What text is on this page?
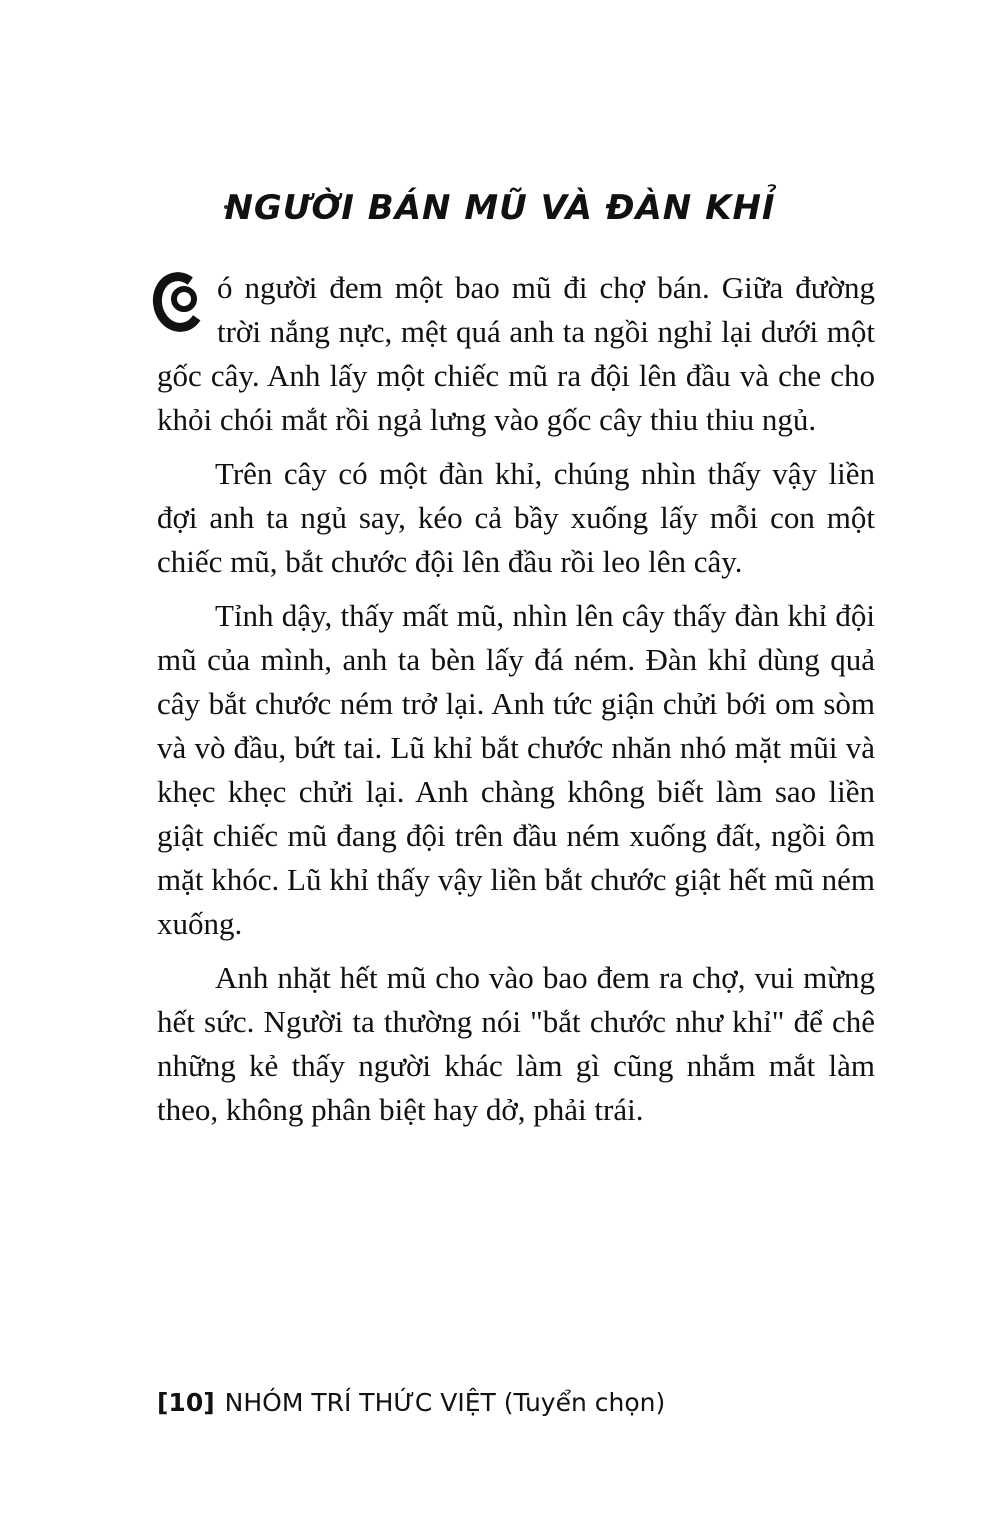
NGƯỜI BÁN MŨ VÀ ĐÀN KHỈ

ó người đem một bao mũ đi chợ bán. Giữa đường trời nắng nực, mệt quá anh ta ngồi nghỉ lại dưới một gốc cây. Anh lấy một chiếc mũ ra đội lên đầu và che cho khỏi chói mắt rồi ngả lưng vào gốc cây thiu thiu ngủ.

Trên cây có một đàn khỉ, chúng nhìn thấy vậy liền đợi anh ta ngủ say, kéo cả bầy xuống lấy mỗi con một chiếc mũ, bắt chước đội lên đầu rồi leo lên cây.

Tỉnh dậy, thấy mất mũ, nhìn lên cây thấy đàn khỉ đội mũ của mình, anh ta bèn lấy đá ném. Đàn khỉ dùng quả cây bắt chước ném trở lại. Anh tức giận chửi bới om sòm và vò đầu, bứt tai. Lũ khỉ bắt chước nhăn nhó mặt mũi và khẹc khẹc chửi lại. Anh chàng không biết làm sao liền giật chiếc mũ đang đội trên đầu ném xuống đất, ngồi ôm mặt khóc. Lũ khỉ thấy vậy liền bắt chước giật hết mũ ném xuống.

Anh nhặt hết mũ cho vào bao đem ra chợ, vui mừng hết sức. Người ta thường nói "bắt chước như khỉ" để chê những kẻ thấy người khác làm gì cũng nhắm mắt làm theo, không phân biệt hay dở, phải trái.

[10] NHÓM TRÍ THỨC VIỆT (Tuyển chọn)
